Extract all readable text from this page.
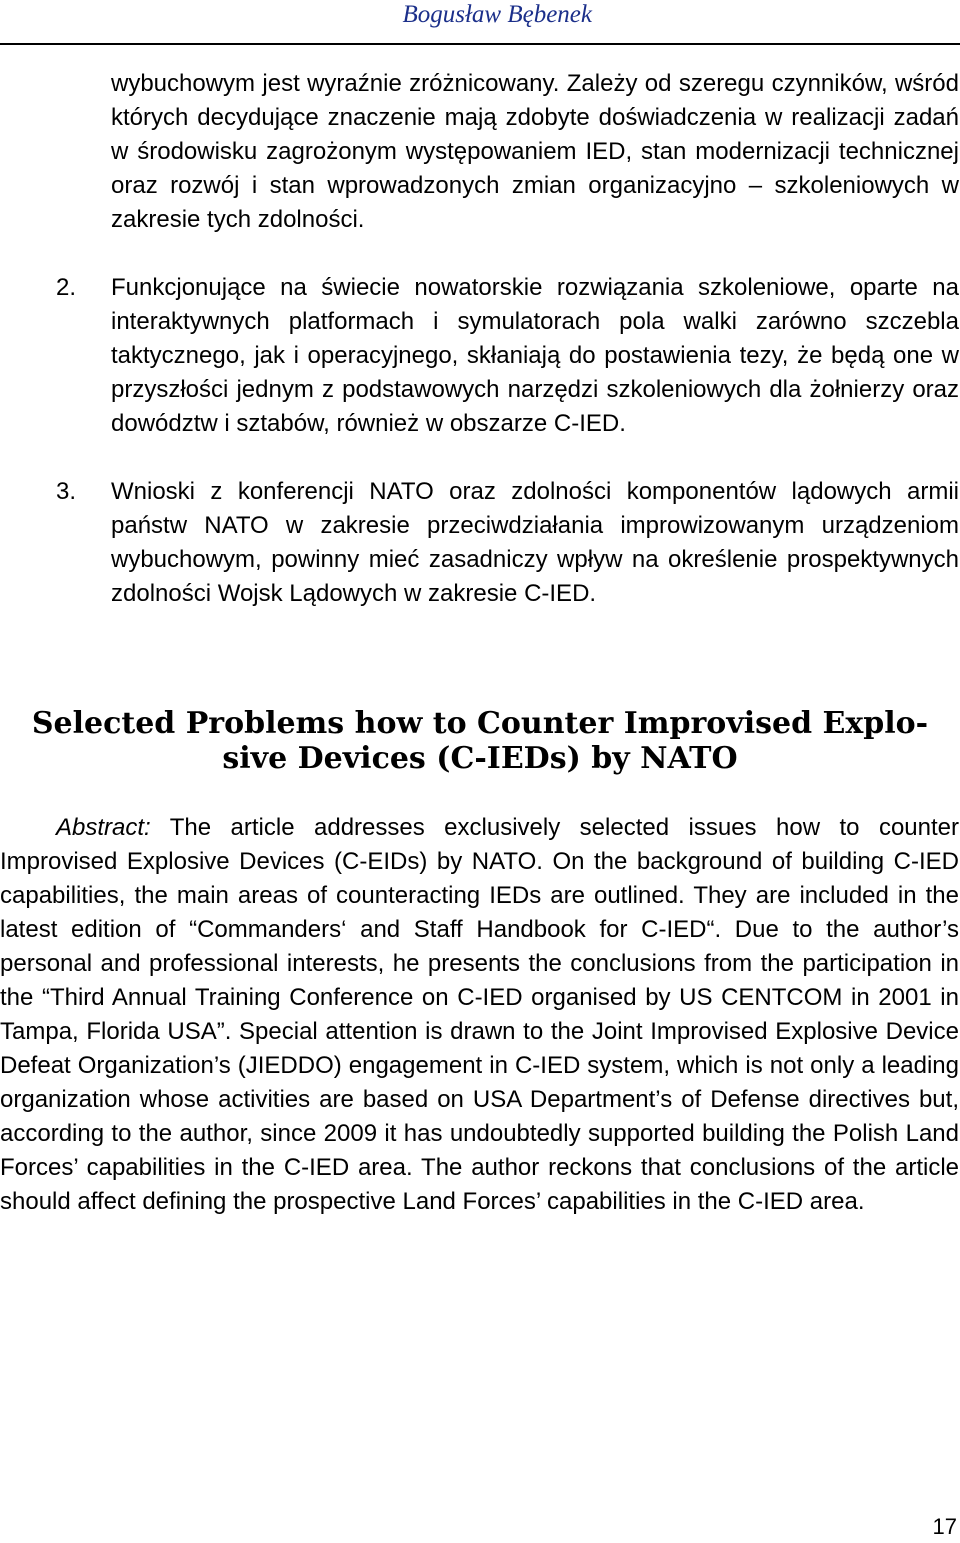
Bogusław Bębenek

wybuchowym jest wyraźnie zróżnicowany. Zależy od szeregu czynników, wśród których decydujące znaczenie mają zdobyte doświadczenia w realizacji zadań w środowisku zagrożonym występowaniem IED, stan modernizacji technicznej oraz rozwój i stan wprowadzonych zmian organizacyjno – szkoleniowych w zakresie tych zdolności.

2. Funkcjonujące na świecie nowatorskie rozwiązania szkoleniowe, oparte na interaktywnych platformach i symulatorach pola walki zarówno szczebla taktycznego, jak i operacyjnego, skłaniają do postawienia tezy, że będą one w przyszłości jednym z podstawowych narzędzi szkoleniowych dla żołnierzy oraz dowództw i sztabów, również w obszarze C-IED.

3. Wnioski z konferencji NATO oraz zdolności komponentów lądowych armii państw NATO w zakresie przeciwdziałania improwizowanym urządzeniom wybuchowym, powinny mieć zasadniczy wpływ na określenie prospektywnych zdolności Wojsk Lądowych w zakresie C-IED.

Selected Problems how to Counter Improvised Explo-
sive Devices (C-IEDs) by NATO

Abstract: The article addresses exclusively selected issues how to counter Improvised Explosive Devices (C-EIDs) by NATO. On the background of building C-IED capabilities, the main areas of counteracting IEDs are outlined. They are included in the latest edition of “Commanders‘ and Staff Handbook for C-IED“. Due to the author’s personal and professional interests, he presents the conclusions from the participation in the “Third Annual Training Conference on C-IED organised by US CENTCOM in 2001 in Tampa, Florida USA”. Special attention is drawn to the Joint Improvised Explosive Device Defeat Organization’s (JIEDDO) engagement in C-IED system, which is not only a leading organization whose activities are based on USA Department’s of Defense directives but, according to the author, since 2009 it has undoubtedly supported building the Polish Land Forces’ capabilities in the C-IED area. The author reckons that conclusions of the article should affect defining the prospective Land Forces’ capabilities in the C-IED area.

17
